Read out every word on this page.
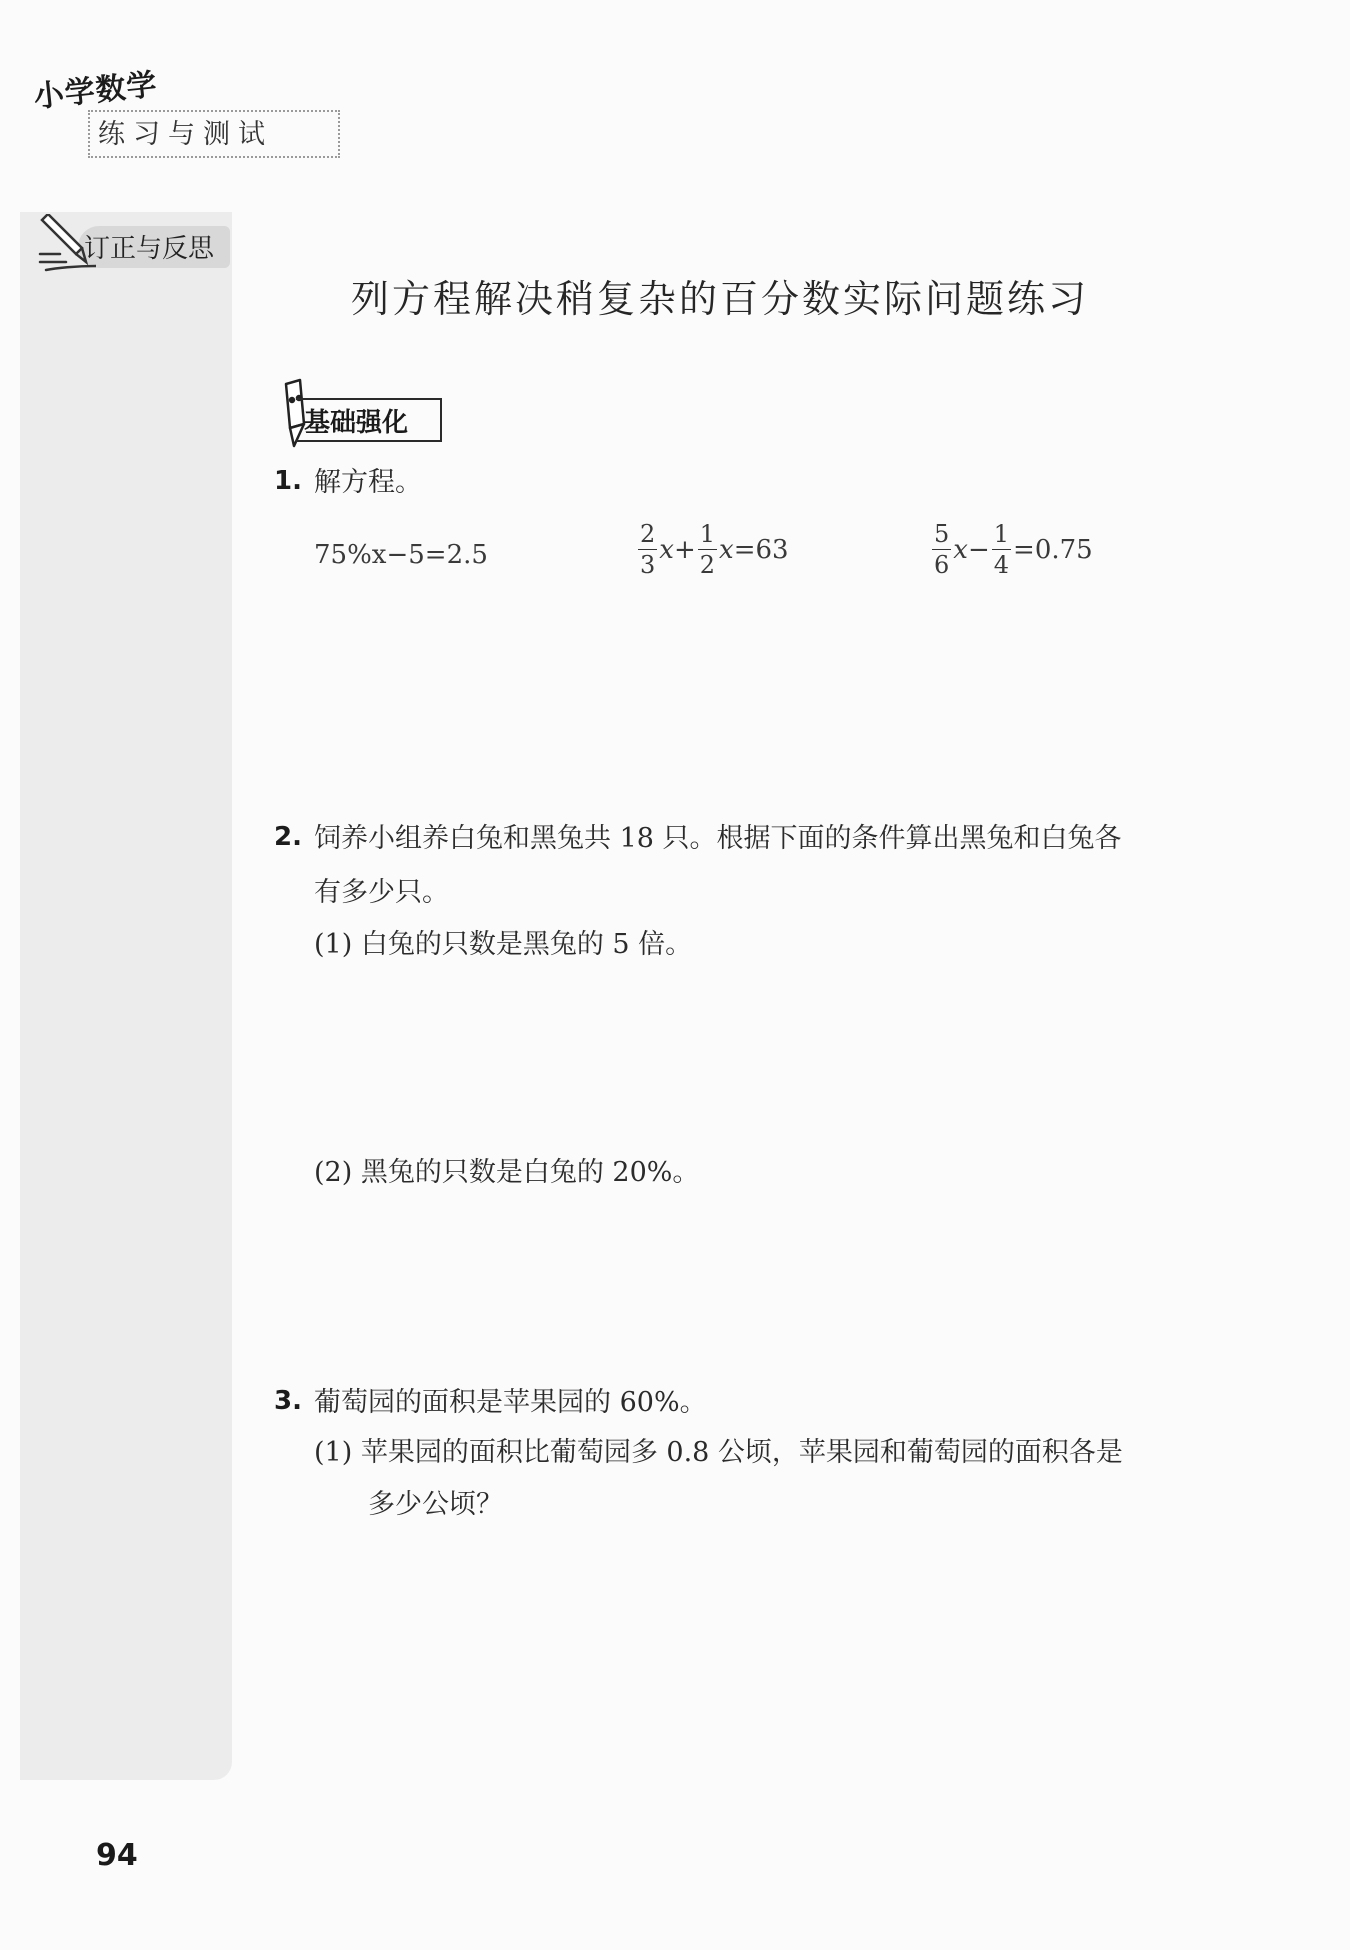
小学数学
练习与测试
订正与反思
列方程解决稍复杂的百分数实际问题练习
基础强化
1. 解方程。
75%x−5=2.5	$\frac{2}{3}$ $x + \frac{1}{2}$ x =63	$\frac{5}{6}$ $x - \frac{1}{4} =0.75$
2. 饲养小组养白兔和黑兔共 18 只。根据下面的条件算出黑兔和白兔各
有多少只。
(1) 白兔的只数是黑兔的 5 倍。
(2) 黑兔的只数是白兔的 20%。
3. 葡萄园的面积是苹果园的 60%。
(1) 苹果园的面积比葡萄园多 0.8 公顷，苹果园和葡萄园的面积各是
多少公顷？
94
